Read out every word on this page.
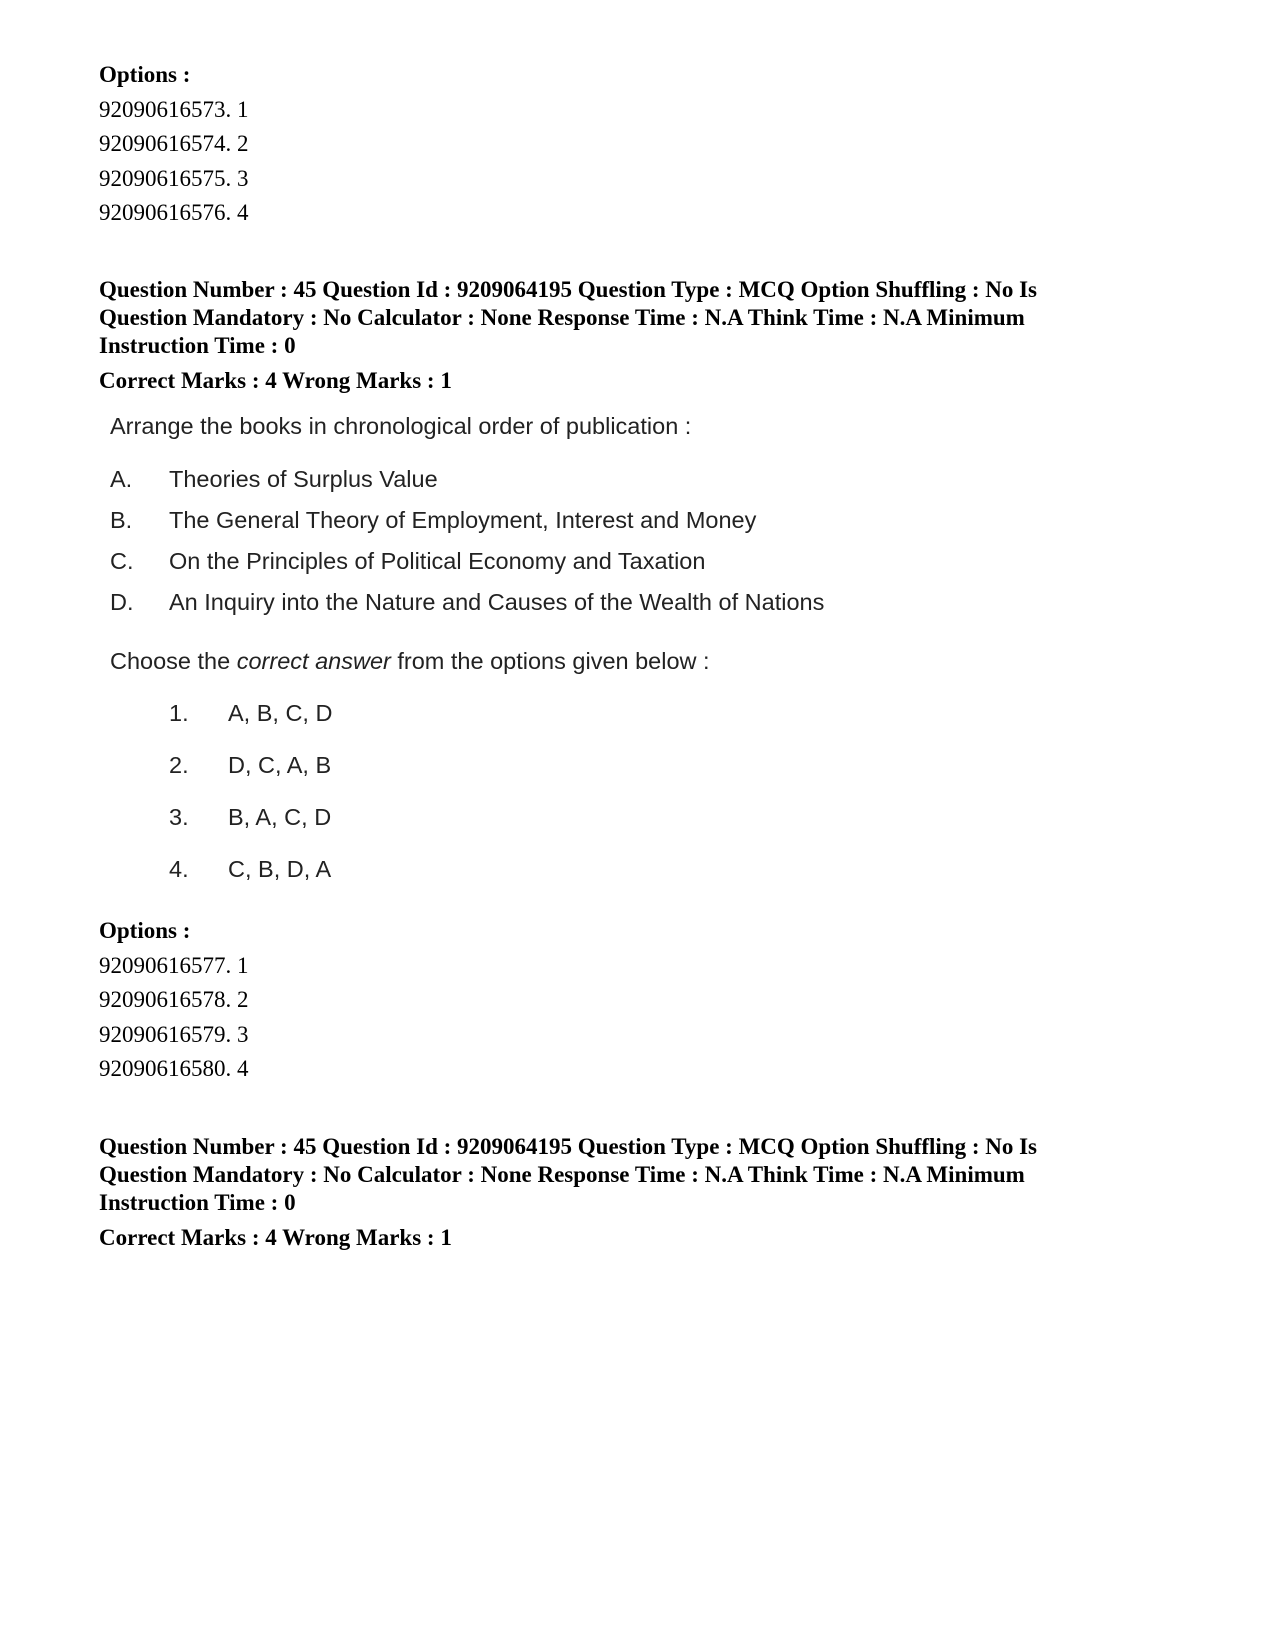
Options :
92090616573. 1
92090616574. 2
92090616575. 3
92090616576. 4
Question Number : 45 Question Id : 9209064195 Question Type : MCQ Option Shuffling : No Is
Question Mandatory : No Calculator : None Response Time : N.A Think Time : N.A Minimum
Instruction Time : 0
Correct Marks : 4 Wrong Marks : 1
Arrange the books in chronological order of publication :
A. Theories of Surplus Value
B. The General Theory of Employment, Interest and Money
C. On the Principles of Political Economy and Taxation
D. An Inquiry into the Nature and Causes of the Wealth of Nations
Choose the correct answer from the options given below :
1. A, B, C, D
2. D, C, A, B
3. B, A, C, D
4. C, B, D, A
Options :
92090616577. 1
92090616578. 2
92090616579. 3
92090616580. 4
Question Number : 45 Question Id : 9209064195 Question Type : MCQ Option Shuffling : No Is
Question Mandatory : No Calculator : None Response Time : N.A Think Time : N.A Minimum
Instruction Time : 0
Correct Marks : 4 Wrong Marks : 1
